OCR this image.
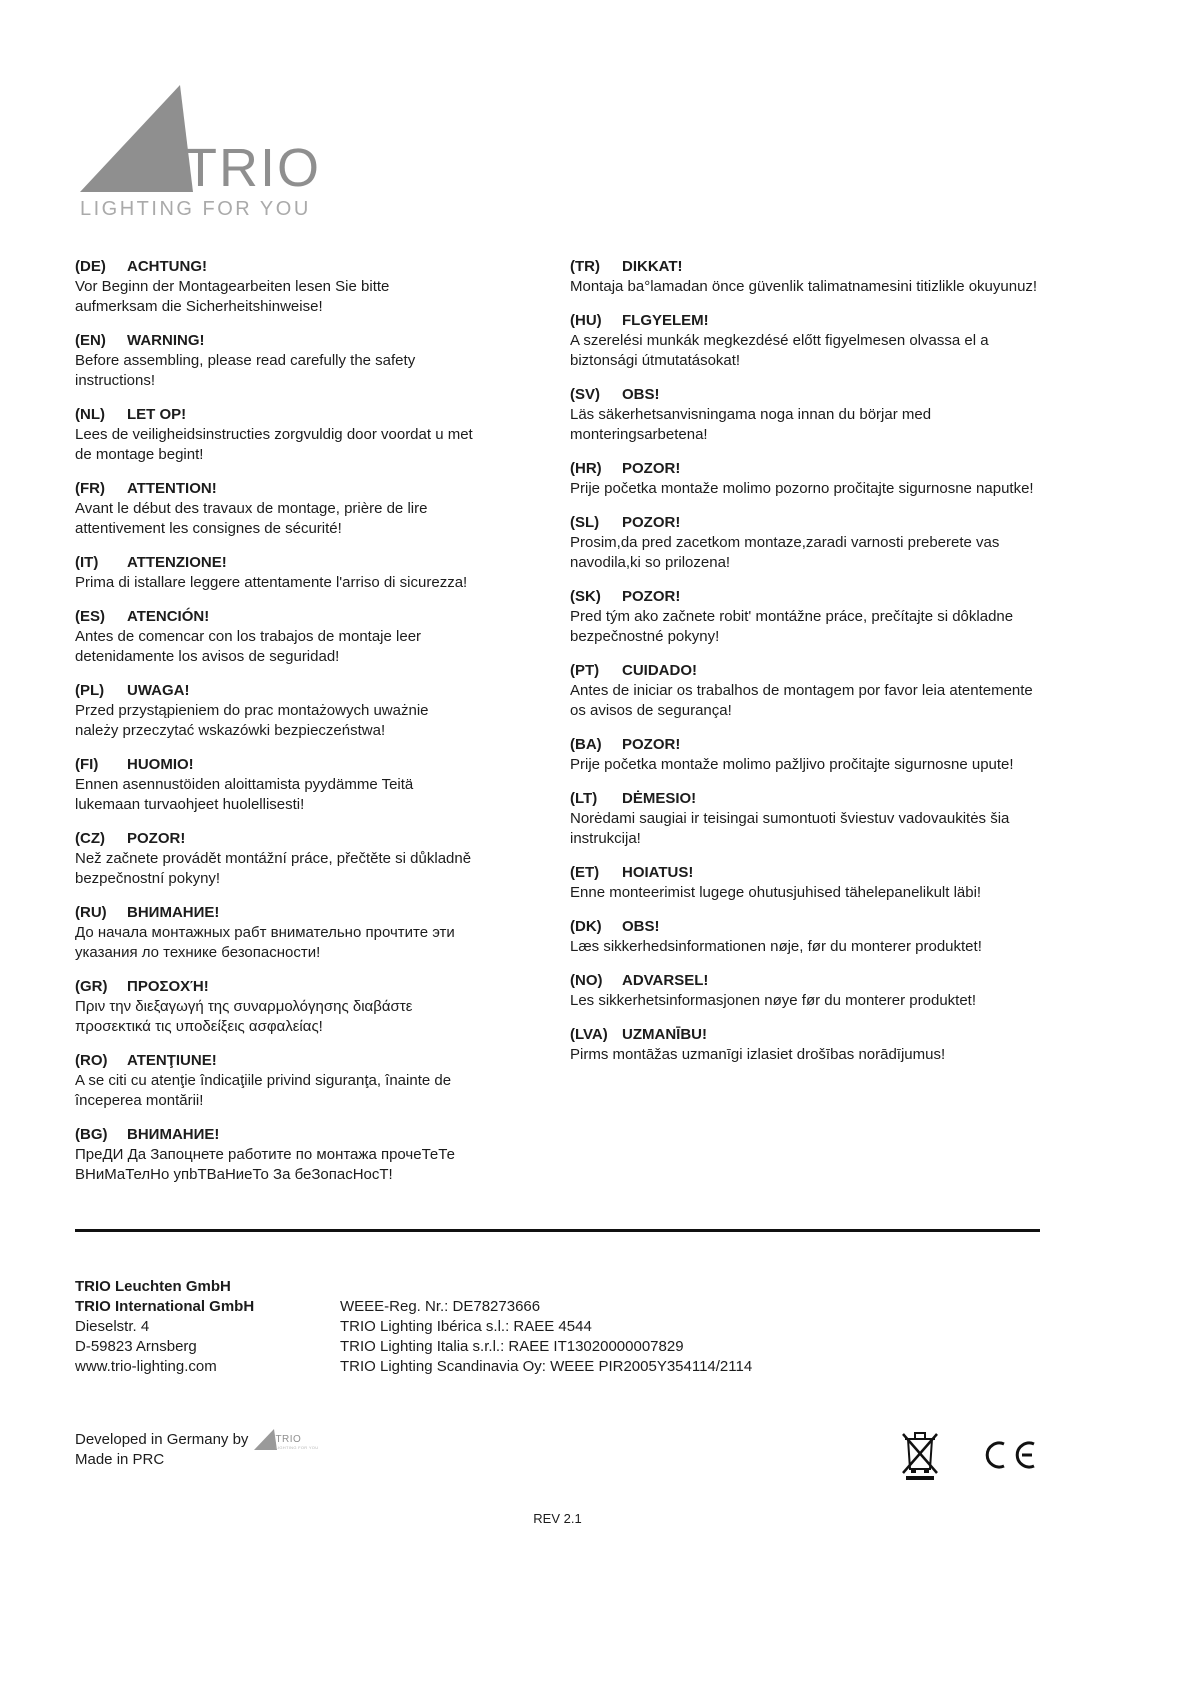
TRIO
LIGHTING FOR YOU
(DE) ACHTUNG!
Vor Beginn der Montagearbeiten lesen Sie bitte aufmerksam die Sicherheitshinweise!
(EN) WARNING!
Before assembling, please read carefully the safety instructions!
(NL) LET OP!
Lees de veiligheidsinstructies zorgvuldig door voordat u met de montage begint!
(FR) ATTENTION!
Avant le début des travaux de montage, prière de lire attentivement les consignes de sécurité!
(IT) ATTENZIONE!
Prima di istallare leggere attentamente l'arriso di sicurezza!
(ES) ATENCIÓN!
Antes de comencar con los trabajos de montaje leer detenidamente los avisos de seguridad!
(PL) UWAGA!
Przed przystąpieniem do prac montażowych uważnie należy przeczytać wskazówki bezpieczeństwa!
(FI) HUOMIO!
Ennen asennustöiden aloittamista pyydämme Teitä lukemaan turvaohjeet huolellisesti!
(CZ) POZOR!
Než začnete provádět montážní práce, přečtěte si důkladně bezpečnostní pokyny!
(RU) ВНИМАНИЕ!
До начала монтажных рабт внимательно прочтите эти указания ло технике безопасности!
(GR) ΠΡΟΣΟΧΉ!
Πριν την διεξαγωγή της συναρμολόγησης διαβάστε προσεκτικά τις υποδείξεις ασφαλείας!
(RO) ATENŢIUNE!
A se citi cu atenţie îndicaţiile privind siguranţa, înainte de începerea montării!
(BG) ВНИМАНИЕ!
ПреДИ Да Запоцнете работите по монтажа прочеТеТе ВНиМаТелНо упbТВаНиеТо За беЗопасНосТ!
(TR) DIKKAT!
Montaja ba°lamadan önce güvenlik talimatnamesini titizlikle okuyunuz!
(HU) FLGYELEM!
A szerelési munkák megkezdésé előtt figyelmesen olvassa el a biztonsági útmutatásokat!
(SV) OBS!
Läs säkerhetsanvisningama noga innan du börjar med monteringsarbetena!
(HR) POZOR!
Prije početka montaže molimo pozorno pročitajte sigurnosne naputke!
(SL) POZOR!
Prosim,da pred zacetkom montaze,zaradi varnosti preberete vas navodila,ki so prilozena!
(SK) POZOR!
Pred tým ako začnete robit' montážne práce, prečítajte si dôkladne bezpečnostné pokyny!
(PT) CUIDADO!
Antes de iniciar os trabalhos de montagem por favor leia atentemente os avisos de segurança!
(BA) POZOR!
Prije početka montaže molimo pažljivo pročitajte sigurnosne upute!
(LT) DĖMESIO!
Norėdami saugiai ir teisingai sumontuoti šviestuv vadovaukitės šia instrukcija!
(ET) HOIATUS!
Enne monteerimist lugege ohutusjuhised tähelepanelikult läbi!
(DK) OBS!
Læs sikkerhedsinformationen nøje, før du monterer produktet!
(NO) ADVARSEL!
Les sikkerhetsinformasjonen nøye før du monterer produktet!
(LVA) UZMANĪBU!
Pirms montāžas uzmanīgi izlasiet drošības norādījumus!
TRIO Leuchten GmbH
TRIO International GmbH
Dieselstr. 4
D-59823 Arnsberg
www.trio-lighting.com
WEEE-Reg. Nr.: DE78273666
TRIO Lighting Ibérica s.l.: RAEE 4544
TRIO Lighting Italia s.r.l.: RAEE IT13020000007829
TRIO Lighting Scandinavia Oy: WEEE PIR2005Y354114/2114
Developed in Germany by	TRIO
LIGHTING FOR YOU
Made in PRC
REV 2.1
